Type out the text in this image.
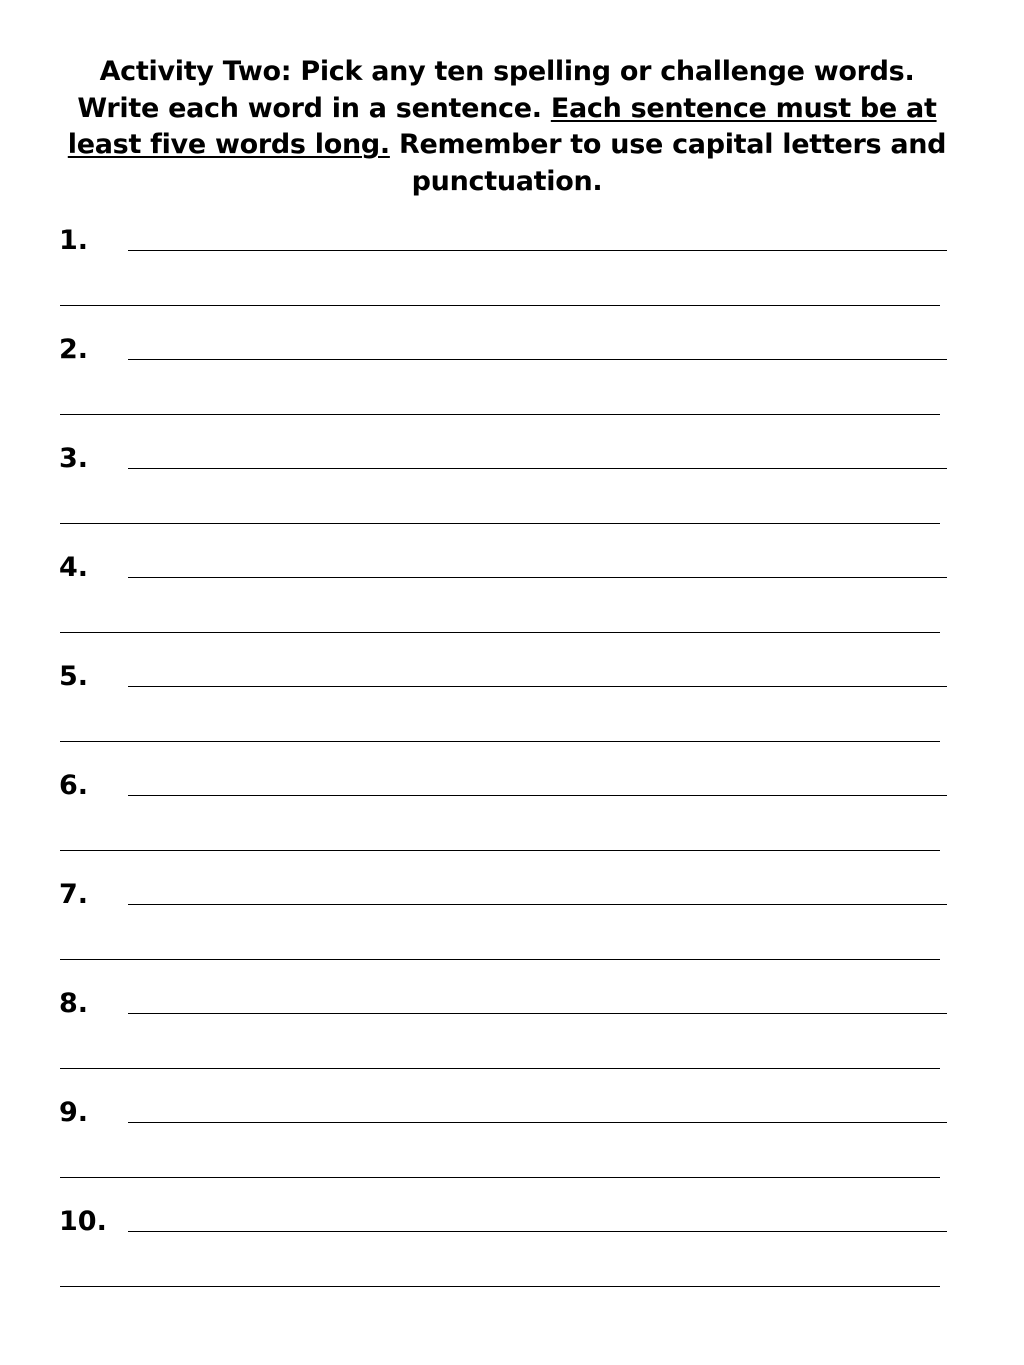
Activity Two: Pick any ten spelling or challenge words. Write each word in a sentence. Each sentence must be at least five words long. Remember to use capital letters and punctuation.

1.
2.
3.
4.
5.
6.
7.
8.
9.
10.
